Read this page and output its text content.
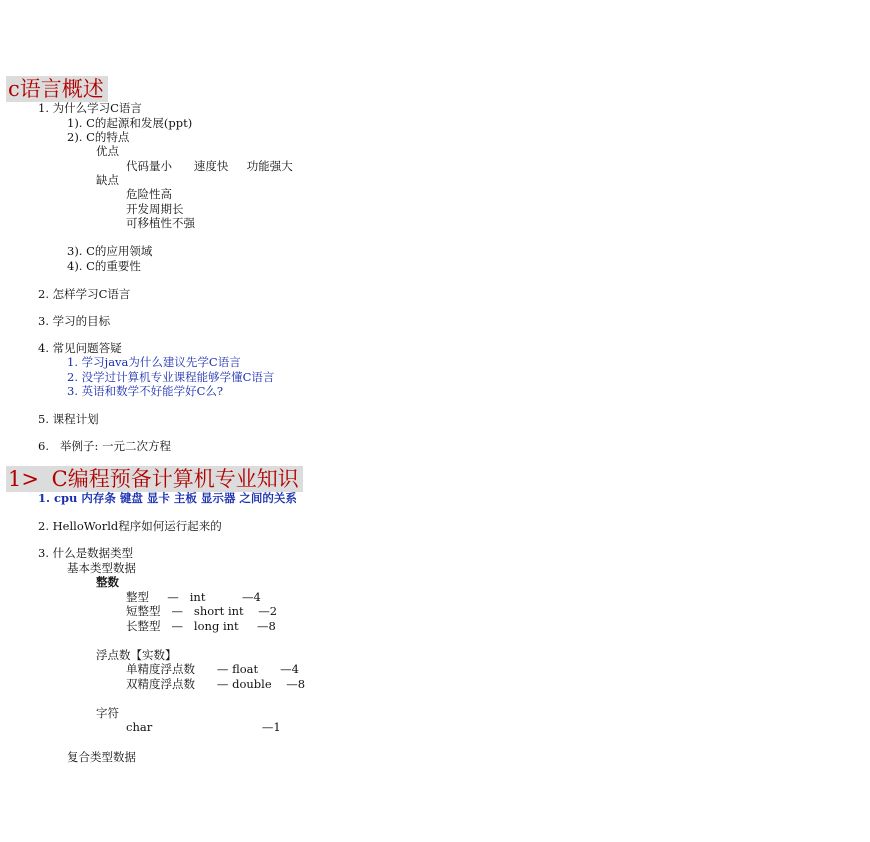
c语言概述
1. 为什么学习C语言
1). C的起源和发展(ppt)
2). C的特点
优点
代码量小      速度快     功能强大
缺点
危险性高
开发周期长
可移植性不强
3). C的应用领域
4). C的重要性
2. 怎样学习C语言
3. 学习的目标
4. 常见问题答疑
1. 学习java为什么建议先学C语言
2. 没学过计算机专业课程能够学懂C语言
3. 英语和数学不好能学好C么?
5. 课程计划
6.   举例子: 一元二次方程
1> C编程预备计算机专业知识
1. cpu 内存条 键盘 显卡 主板 显示器 之间的关系
2. HelloWorld程序如何运行起来的
3. 什么是数据类型
基本类型数据
整数
整型     —   int          —4
短整型   —   short int    —2
长整型   —   long int     —8
浮点数【实数】
单精度浮点数      — float      —4
双精度浮点数      — double    —8
字符
char                              —1
复合类型数据
